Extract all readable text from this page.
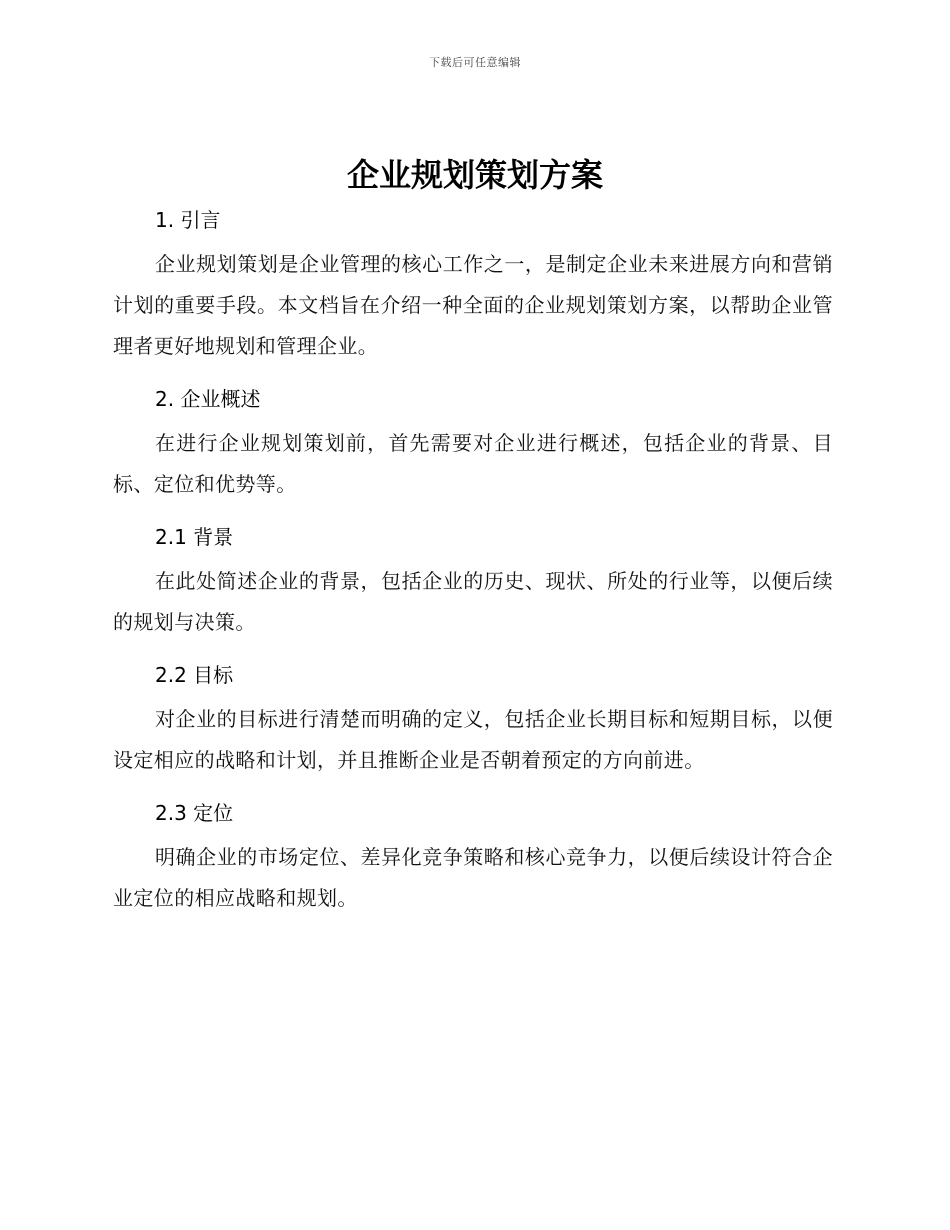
下载后可任意编辑
企业规划策划方案
1. 引言

企业规划策划是企业管理的核心工作之一，是制定企业未来进展方向和营销计划的重要手段。本文档旨在介绍一种全面的企业规划策划方案，以帮助企业管理者更好地规划和管理企业。

2. 企业概述

在进行企业规划策划前，首先需要对企业进行概述，包括企业的背景、目标、定位和优势等。

2.1 背景

在此处简述企业的背景，包括企业的历史、现状、所处的行业等，以便后续的规划与决策。

2.2 目标

对企业的目标进行清楚而明确的定义，包括企业长期目标和短期目标，以便设定相应的战略和计划，并且推断企业是否朝着预定的方向前进。

2.3 定位

明确企业的市场定位、差异化竞争策略和核心竞争力，以便后续设计符合企业定位的相应战略和规划。
